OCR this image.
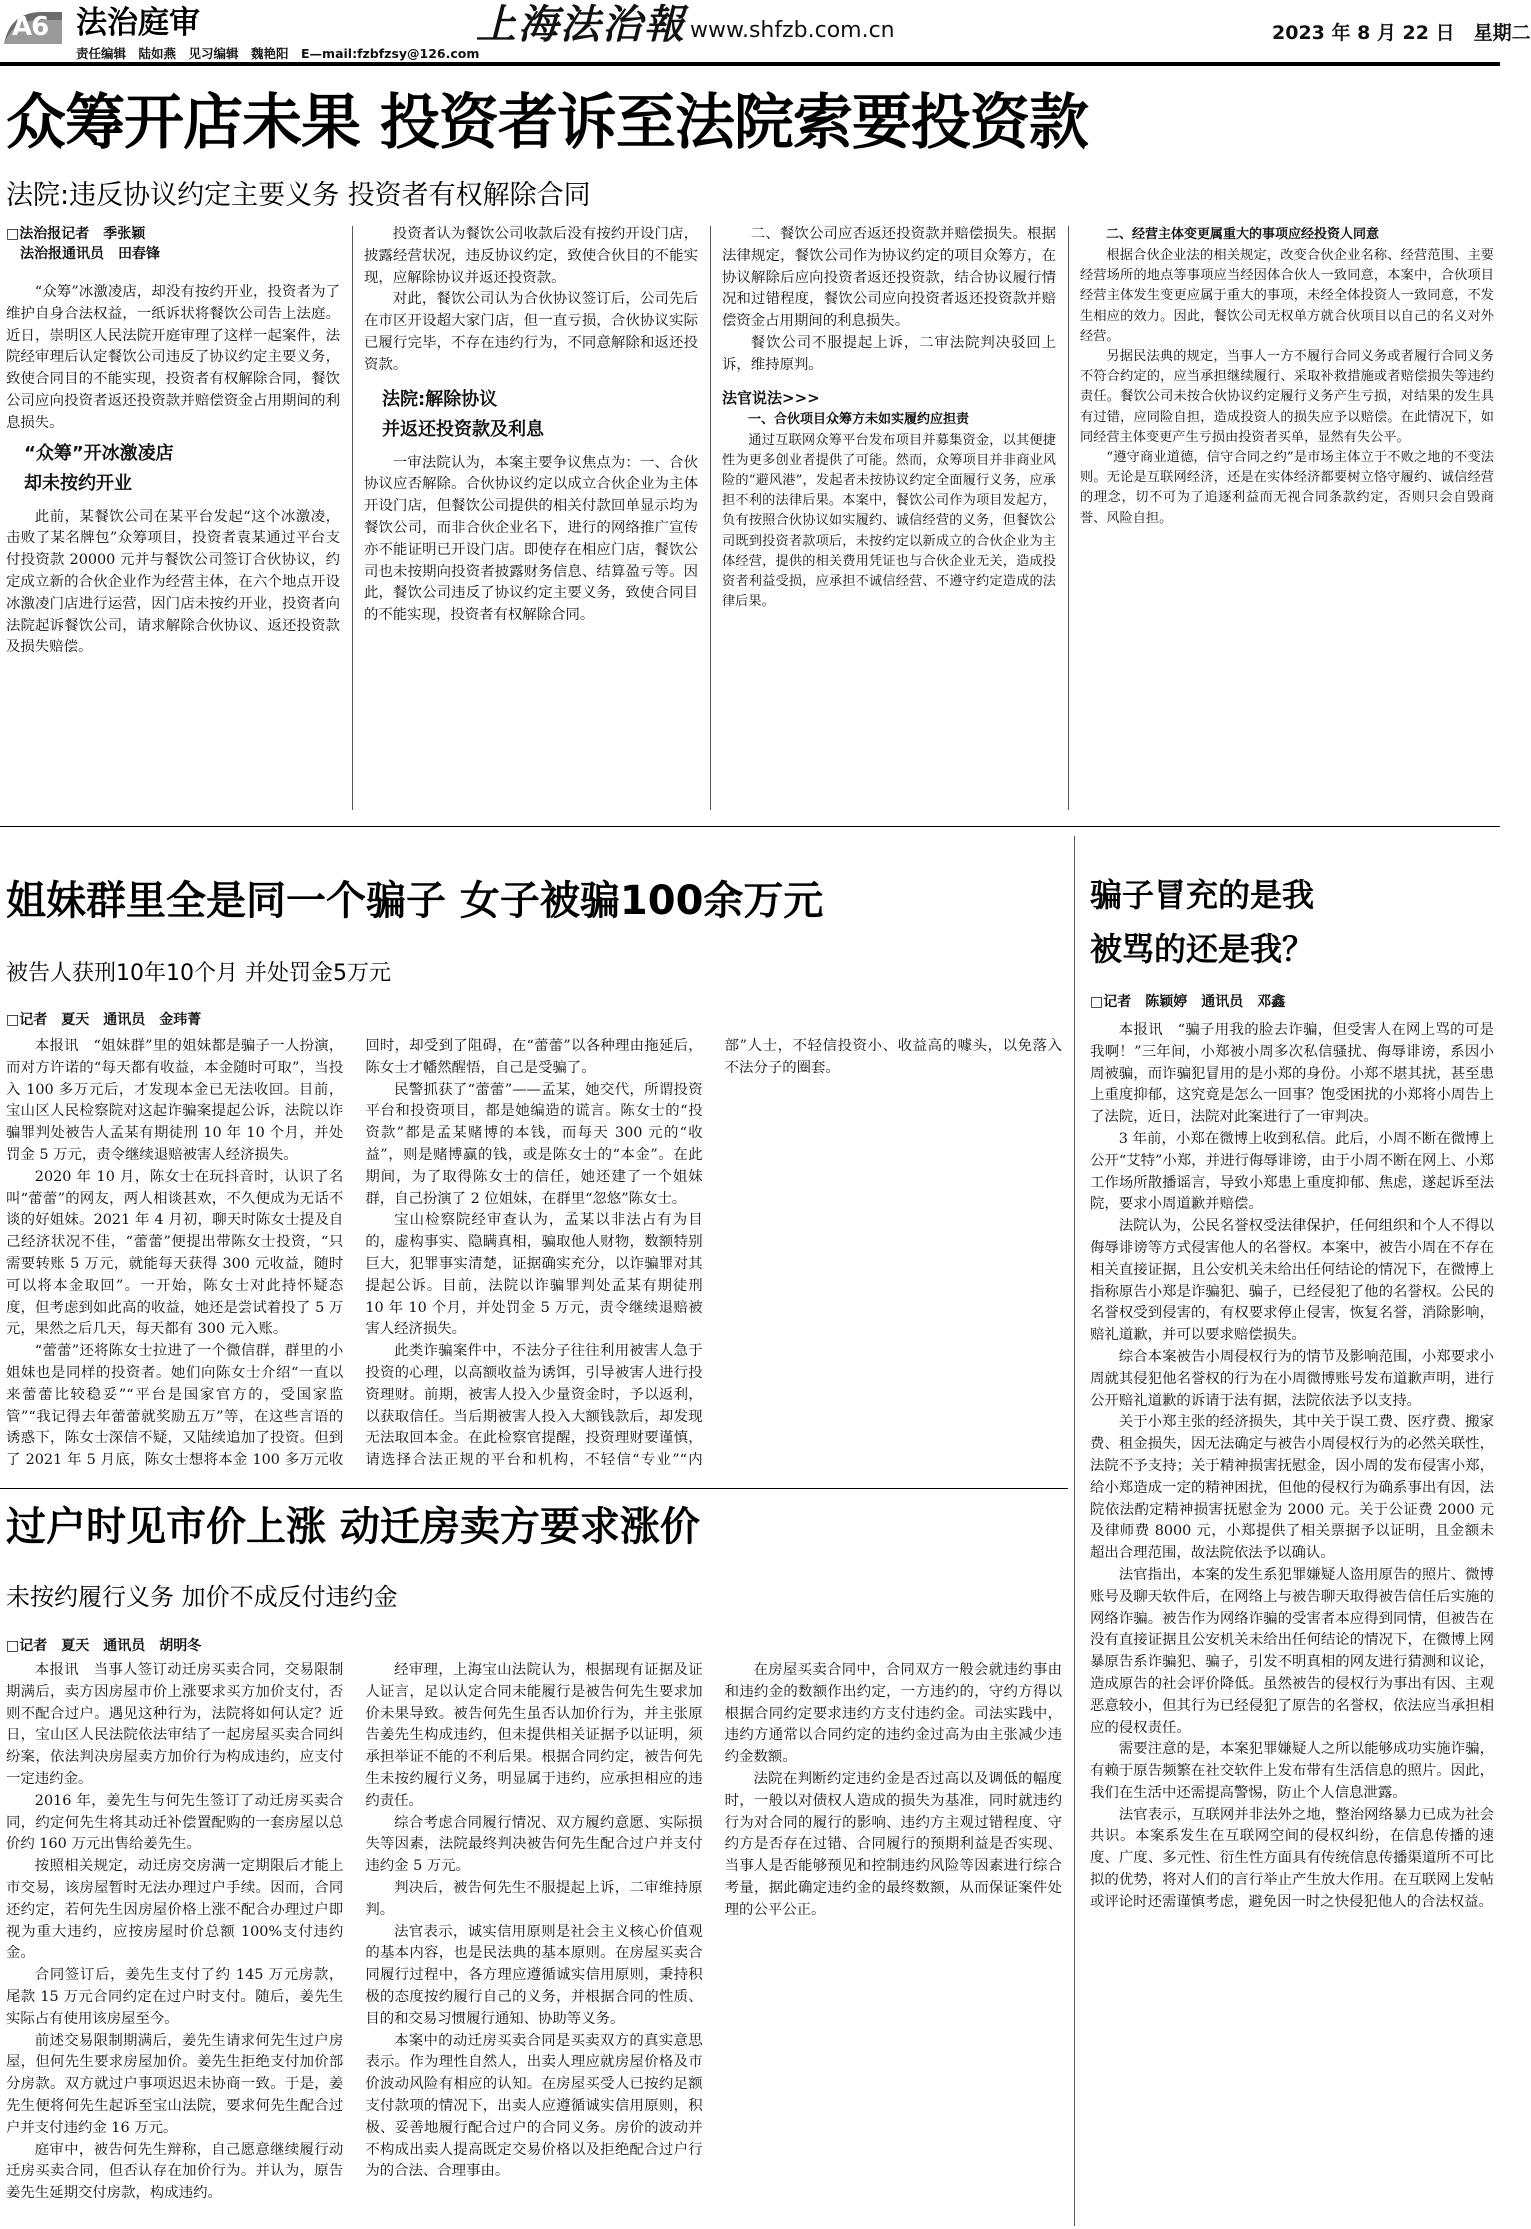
A6 法治庭审
责任编辑　陆如燕　见习编辑　魏艳阳　E—mail:fzbfzsy@126.com
上海法治報 www.shfzb.com.cn	2023 年 8 月 22 日　星期二
众筹开店未果 投资者诉至法院索要投资款
法院:违反协议约定主要义务 投资者有权解除合同
□法治报记者　季张颖
　法治报通讯员　田春锋

“众筹”冰激凌店，却没有按约开业，投资者为了维护自身合法权益，一纸诉状将餐饮公司告上法庭。近日，崇明区人民法院开庭审理了这样一起案件，法院经审理后认定餐饮公司违反了协议约定主要义务，致使合同目的不能实现，投资者有权解除合同，餐饮公司应向投资者返还投资款并赔偿资金占用期间的利息损失。

“众筹”开冰激凌店
却未按约开业

此前，某餐饮公司在某平台发起“这个冰激凌，击败了某名牌包”众筹项目，投资者袁某通过平台支付投资款 20000 元并与餐饮公司签订合伙协议，约定成立新的合伙企业作为经营主体，在六个地点开设冰激凌门店进行运营，因门店未按约开业，投资者向法院起诉餐饮公司，请求解除合伙协议、返还投资款及损失赔偿。

投资者认为餐饮公司收款后没有按约开设门店，披露经营状况，违反协议约定，致使合伙目的不能实现，应解除协议并返还投资款。

对此，餐饮公司认为合伙协议签订后，公司先后在市区开设超大家门店，但一直亏损，合伙协议实际已履行完毕，不存在违约行为，不同意解除和返还投资款。

法院:解除协议
并返还投资款及利息

一审法院认为，本案主要争议焦点为：一、合伙协议应否解除。合伙协议约定以成立合伙企业为主体开设门店，但餐饮公司提供的相关付款回单显示均为餐饮公司，而非合伙企业名下，进行的网络推广宣传亦不能证明已开设门店。即使存在相应门店，餐饮公司也未按期向投资者披露财务信息、结算盈亏等。因此，餐饮公司违反了协议约定主要义务，致使合同目的不能实现，投资者有权解除合同。

二、餐饮公司应否返还投资款并赔偿损失。根据法律规定，餐饮公司作为协议约定的项目众筹方，在协议解除后应向投资者返还投资款，结合协议履行情况和过错程度，餐饮公司应向投资者返还投资款并赔偿资金占用期间的利息损失。

餐饮公司不服提起上诉，二审法院判决驳回上诉，维持原判。

法官说法>>>
一、合伙项目众筹方未如实履约应担责

通过互联网众筹平台发布项目并募集资金，以其便捷性为更多创业者提供了可能。然而，众筹项目并非商业风险的“避风港”，发起者未按协议约定全面履行义务，应承担不利的法律后果。本案中，餐饮公司作为项目发起方，负有按照合伙协议如实履约、诚信经营的义务，但餐饮公司既到投资者款项后，未按约定以新成立的合伙企业为主体经营，提供的相关费用凭证也与合伙企业无关，造成投资者利益受损，应承担不诚信经营、不遵守约定造成的法律后果。

二、经营主体变更属重大的事项应经投资人同意

根据合伙企业法的相关规定，改变合伙企业名称、经营范围、主要经营场所的地点等事项应当经因体合伙人一致同意，本案中，合伙项目经营主体发生变更应属于重大的事项，未经全体投资人一致同意，不发生相应的效力。因此，餐饮公司无权单方就合伙项目以自己的名义对外经营。

另据民法典的规定，当事人一方不履行合同义务或者履行合同义务不符合约定的，应当承担继续履行、采取补救措施或者赔偿损失等违约责任。餐饮公司未按合伙协议约定履行义务产生亏损，对结果的发生具有过错，应同险自担，造成投资人的损失应予以赔偿。在此情况下，如同经营主体变更产生亏损由投资者买单，显然有失公平。

“遵守商业道德，信守合同之约”是市场主体立于不败之地的不变法则。无论是互联网经济，还是在实体经济都要树立恪守履约、诚信经营的理念，切不可为了追逐利益而无视合同条款约定，否则只会自毁商誉、风险自担。

姐妹群里全是同一个骗子 女子被骗100余万元
被告人获刑10年10个月 并处罚金5万元
□记者　夏天　通讯员　金玮菁

本报讯　“姐妹群”里的姐妹都是骗子一人扮演，而对方许诺的“每天都有收益，本金随时可取”，当投入 100 多万元后，才发现本金已无法收回。目前，宝山区人民检察院对这起诈骗案提起公诉，法院以诈骗罪判处被告人孟某有期徒刑 10 年 10 个月，并处罚金 5 万元，责令继续退赔被害人经济损失。

2020 年 10 月，陈女士在玩抖音时，认识了名叫“蕾蕾”的网友，两人相谈甚欢，不久便成为无话不谈的好姐妹。2021 年 4 月初，聊天时陈女士提及自己经济状况不佳，“蕾蕾”便提出带陈女士投资，“只需要转账 5 万元，就能每天获得 300 元收益，随时可以将本金取回”。一开始，陈女士对此持怀疑态度，但考虑到如此高的收益，她还是尝试着投了 5 万元，果然之后几天，每天都有 300 元入账。

“蕾蕾”还将陈女士拉进了一个微信群，群里的小姐妹也是同样的投资者。她们向陈女士介绍“一直以来蕾蕾比较稳妥”“平台是国家官方的，受国家监管”“我记得去年蕾蕾就奖励五万”等，在这些言语的诱惑下，陈女士深信不疑，又陆续追加了投资。但到了 2021 年 5 月底，陈女士想将本金 100 多万元收回时，却受到了阻碍，在“蕾蕾”以各种理由拖延后，陈女士才幡然醒悟，自己是受骗了。

民警抓获了“蕾蕾”——孟某，她交代，所谓投资平台和投资项目，都是她编造的谎言。陈女士的“投资款”都是孟某赌博的本钱，而每天 300 元的“收益”，则是赌博赢的钱，或是陈女士的“本金”。在此期间，为了取得陈女士的信任，她还建了一个姐妹群，自己扮演了 2 位姐妹，在群里“忽悠”陈女士。

宝山检察院经审查认为，孟某以非法占有为目的，虚构事实、隐瞒真相，骗取他人财物，数额特别巨大，犯罪事实清楚，证据确实充分，以诈骗罪对其提起公诉。目前，法院以诈骗罪判处孟某有期徒刑 10 年 10 个月，并处罚金 5 万元，责令继续退赔被害人经济损失。

此类诈骗案件中，不法分子往往利用被害人急于投资的心理，以高额收益为诱饵，引导被害人进行投资理财。前期，被害人投入少量资金时，予以返利，以获取信任。当后期被害人投入大额钱款后，却发现无法取回本金。在此检察官提醒，投资理财要谨慎，请选择合法正规的平台和机构，不轻信“专业”“内部”人士，不轻信投资小、收益高的噱头，以免落入不法分子的圈套。

骗子冒充的是我
被骂的还是我？
□记者　陈颖婷　通讯员　邓鑫

本报讯　“骗子用我的脸去诈骗，但受害人在网上骂的可是我啊！”三年间，小郑被小周多次私信骚扰、侮辱诽谤，系因小周被骗，而诈骗犯冒用的是小郑的身份。小郑不堪其扰，甚至患上重度抑郁，这究竟是怎么一回事？饱受困扰的小郑将小周告上了法院，近日，法院对此案进行了一审判决。

3 年前，小郑在微博上收到私信。此后，小周不断在微博上公开“艾特”小郑，并进行侮辱诽谤，由于小周不断在网上、小郑工作场所散播谣言，导致小郑患上重度抑郁、焦虑，遂起诉至法院，要求小周道歉并赔偿。

法院认为，公民名誉权受法律保护，任何组织和个人不得以侮辱诽谤等方式侵害他人的名誉权。本案中，被告小周在不存在相关直接证据，且公安机关未给出任何结论的情况下，在微博上指称原告小郑是诈骗犯、骗子，已经侵犯了他的名誉权。公民的名誉权受到侵害的，有权要求停止侵害，恢复名誉，消除影响，赔礼道歉，并可以要求赔偿损失。

综合本案被告小周侵权行为的情节及影响范围，小郑要求小周就其侵犯他名誉权的行为在小周微博账号发布道歉声明，进行公开赔礼道歉的诉请于法有据，法院依法予以支持。

关于小郑主张的经济损失，其中关于误工费、医疗费、搬家费、租金损失，因无法确定与被告小周侵权行为的必然关联性，法院不予支持；关于精神损害抚慰金，因小周的发布侵害小郑，给小郑造成一定的精神困扰，但他的侵权行为确系事出有因，法院依法酌定精神损害抚慰金为 2000 元。关于公证费 2000 元及律师费 8000 元，小郑提供了相关票据予以证明，且金额未超出合理范围，故法院依法予以确认。

法官指出，本案的发生系犯罪嫌疑人盗用原告的照片、微博账号及聊天软件后，在网络上与被告聊天取得被告信任后实施的网络诈骗。被告作为网络诈骗的受害者本应得到同情，但被告在没有直接证据且公安机关未给出任何结论的情况下，在微博上网暴原告系诈骗犯、骗子，引发不明真相的网友进行猜测和议论，造成原告的社会评价降低。虽然被告的侵权行为事出有因、主观恶意较小，但其行为已经侵犯了原告的名誉权，依法应当承担相应的侵权责任。

需要注意的是，本案犯罪嫌疑人之所以能够成功实施诈骗，有赖于原告频繁在社交软件上发布带有生活信息的照片。因此，我们在生活中还需提高警惕，防止个人信息泄露。

法官表示，互联网并非法外之地，整治网络暴力已成为社会共识。本案系发生在互联网空间的侵权纠纷，在信息传播的速度、广度、多元性、衍生性方面具有传统信息传播渠道所不可比拟的优势，将对人们的言行举止产生放大作用。在互联网上发帖或评论时还需谨慎考虑，避免因一时之快侵犯他人的合法权益。

过户时见市价上涨 动迁房卖方要求涨价
未按约履行义务 加价不成反付违约金
□记者　夏天　通讯员　胡明冬

本报讯　当事人签订动迁房买卖合同，交易限制期满后，卖方因房屋市价上涨要求买方加价支付，否则不配合过户。遇见这种行为，法院将如何认定？近日，宝山区人民法院依法审结了一起房屋买卖合同纠纷案，依法判决房屋卖方加价行为构成违约，应支付一定违约金。

2016 年，姜先生与何先生签订了动迁房买卖合同，约定何先生将其动迁补偿置配购的一套房屋以总价约 160 万元出售给姜先生。

按照相关规定，动迁房交房满一定期限后才能上市交易，该房屋暂时无法办理过户手续。因而，合同还约定，若何先生因房屋价格上涨不配合办理过户即视为重大违约，应按房屋时价总额 100%支付违约金。

合同签订后，姜先生支付了约 145 万元房款，尾款 15 万元合同约定在过户时支付。随后，姜先生实际占有使用该房屋至今。

前述交易限制期满后，姜先生请求何先生过户房屋，但何先生要求房屋加价。姜先生拒绝支付加价部分房款。双方就过户事项迟迟未协商一致。于是，姜先生便将何先生起诉至宝山法院，要求何先生配合过户并支付违约金 16 万元。

庭审中，被告何先生辩称，自己愿意继续履行动迁房买卖合同，但否认存在加价行为。并认为，原告姜先生延期交付房款，构成违约。

经审理，上海宝山法院认为，根据现有证据及证人证言，足以认定合同未能履行是被告何先生要求加价未果导致。被告何先生虽否认加价行为，并主张原告姜先生构成违约，但未提供相关证据予以证明，须承担举证不能的不利后果。根据合同约定，被告何先生未按约履行义务，明显属于违约，应承担相应的违约责任。

综合考虑合同履行情况、双方履约意愿、实际损失等因素，法院最终判决被告何先生配合过户并支付违约金 5 万元。

判决后，被告何先生不服提起上诉，二审维持原判。

法官表示，诚实信用原则是社会主义核心价值观的基本内容，也是民法典的基本原则。在房屋买卖合同履行过程中，各方理应遵循诚实信用原则，秉持积极的态度按约履行自己的义务，并根据合同的性质、目的和交易习惯履行通知、协助等义务。

本案中的动迁房买卖合同是买卖双方的真实意思表示。作为理性自然人，出卖人理应就房屋价格及市价波动风险有相应的认知。在房屋买受人已按约足额支付款项的情况下，出卖人应遵循诚实信用原则，积极、妥善地履行配合过户的合同义务。房价的波动并不构成出卖人提高既定交易价格以及拒绝配合过户行为的合法、合理事由。

在房屋买卖合同中，合同双方一般会就违约事由和违约金的数额作出约定，一方违约的，守约方得以根据合同约定要求违约方支付违约金。司法实践中，违约方通常以合同约定的违约金过高为由主张减少违约金数额。

法院在判断约定违约金是否过高以及调低的幅度时，一般以对债权人造成的损失为基准，同时就违约行为对合同的履行的影响、违约方主观过错程度、守约方是否存在过错、合同履行的预期利益是否实现、当事人是否能够预见和控制违约风险等因素进行综合考量，据此确定违约金的最终数额，从而保证案件处理的公平公正。
